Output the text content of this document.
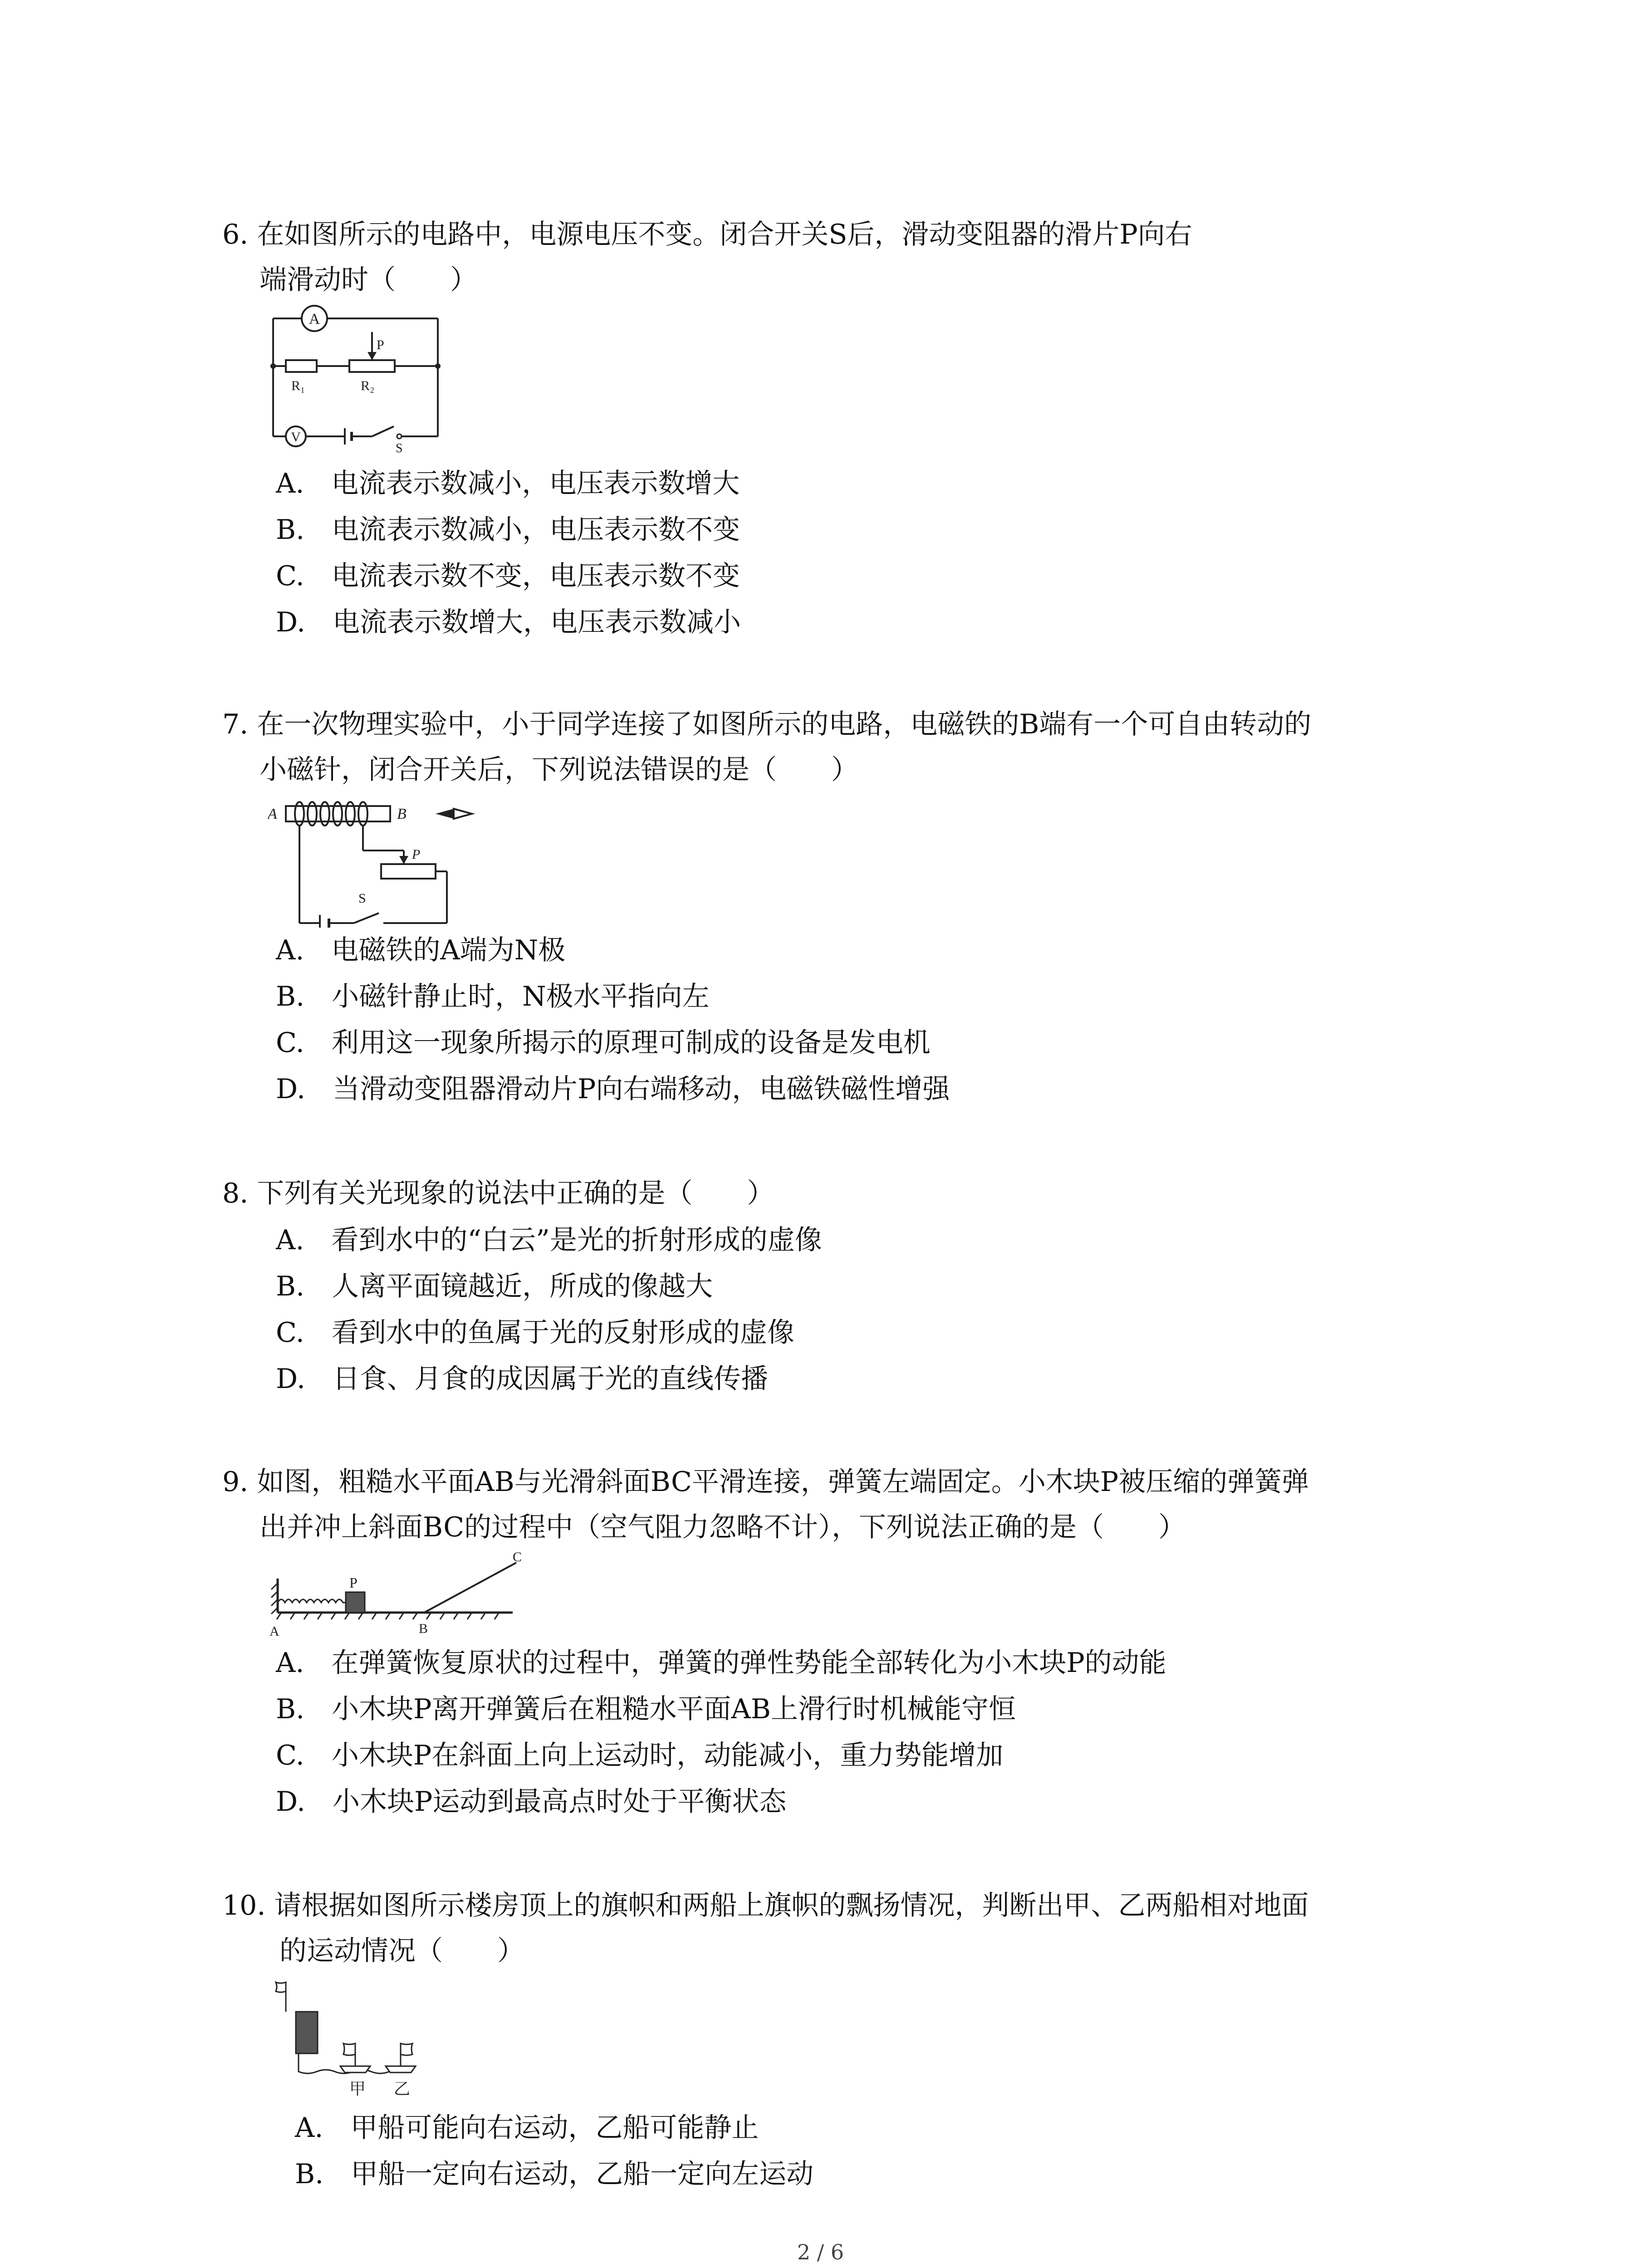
6. 在如图所示的电路中，电源电压不变。闭合开关S后，滑动变阻器的滑片P向右
端滑动时（　　）
A
V
P
R₁	R₂
S
A.  电流表示数减小，电压表示数增大
B.  电流表示数减小，电压表示数不变
C.  电流表示数不变，电压表示数不变
D.  电流表示数增大，电压表示数减小
7. 在一次物理实验中，小于同学连接了如图所示的电路，电磁铁的B端有一个可自由转动的
小磁针，闭合开关后，下列说法错误的是（　　）
A	B
P
S
A.  电磁铁的A端为N极
B.  小磁针静止时，N极水平指向左
C.  利用这一现象所揭示的原理可制成的设备是发电机
D.  当滑动变阻器滑动片P向右端移动，电磁铁磁性增强
8. 下列有关光现象的说法中正确的是（　　）
A.  看到水中的“白云”是光的折射形成的虚像
B.  人离平面镜越近，所成的像越大
C.  看到水中的鱼属于光的反射形成的虚像
D.  日食、月食的成因属于光的直线传播
9. 如图，粗糙水平面AB与光滑斜面BC平滑连接，弹簧左端固定。小木块P被压缩的弹簧弹
出并冲上斜面BC的过程中（空气阻力忽略不计），下列说法正确的是（　　）
P
C
A	B
A.  在弹簧恢复原状的过程中，弹簧的弹性势能全部转化为小木块P的动能
B.  小木块P离开弹簧后在粗糙水平面AB上滑行时机械能守恒
C.  小木块P在斜面上向上运动时，动能减小，重力势能增加
D.  小木块P运动到最高点时处于平衡状态
10. 请根据如图所示楼房顶上的旗帜和两船上旗帜的飘扬情况，判断出甲、乙两船相对地面
的运动情况（　　）
甲 乙
A.  甲船可能向右运动，乙船可能静止
B.  甲船一定向右运动，乙船一定向左运动
2 / 6
